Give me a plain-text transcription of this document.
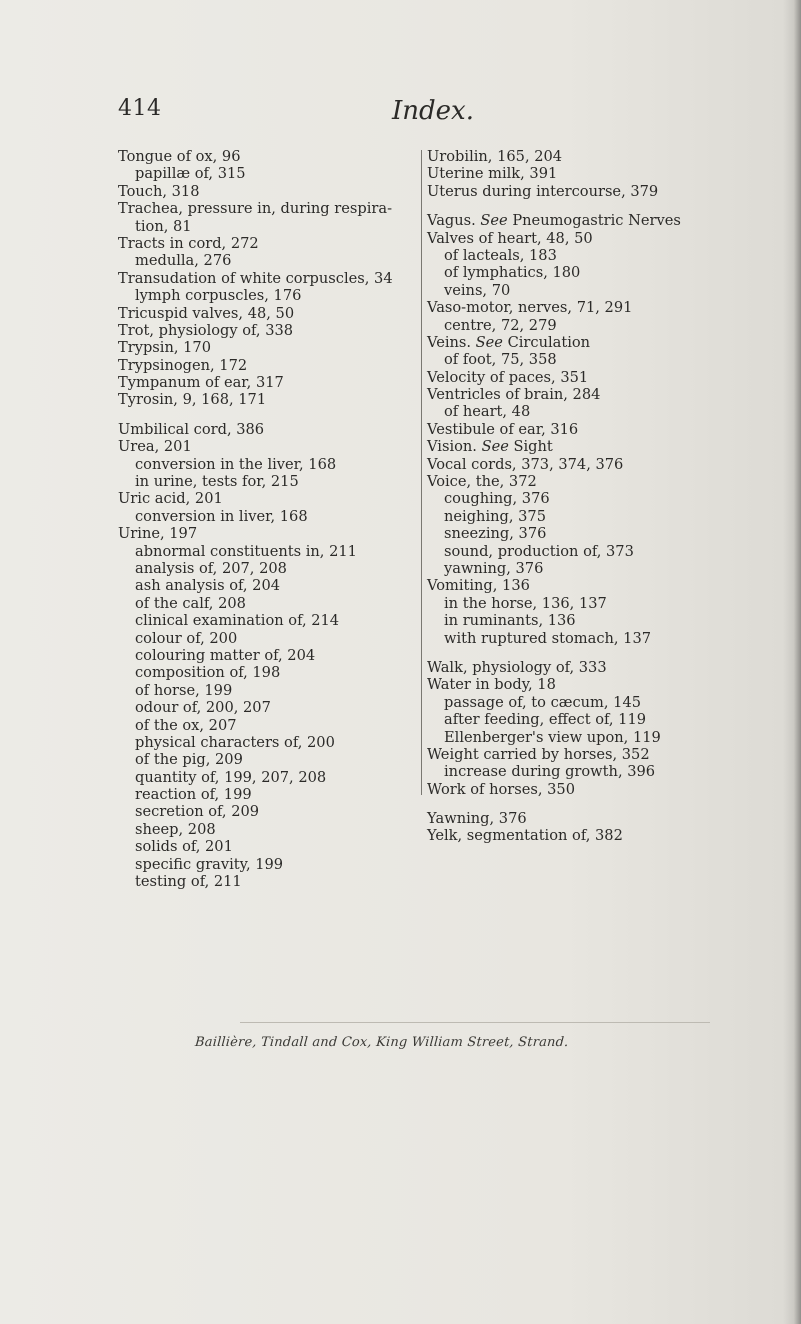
414	Index.
Tongue of ox, 96
papillæ of, 315
Touch, 318
Trachea, pressure in, during respira-
tion, 81
Tracts in cord, 272
medulla, 276
Transudation of white corpuscles, 34
lymph corpuscles, 176
Tricuspid valves, 48, 50
Trot, physiology of, 338
Trypsin, 170
Trypsinogen, 172
Tympanum of ear, 317
Tyrosin, 9, 168, 171
Umbilical cord, 386
Urea, 201
conversion in the liver, 168
in urine, tests for, 215
Uric acid, 201
conversion in liver, 168
Urine, 197
abnormal constituents in, 211
analysis of, 207, 208
ash analysis of, 204
of the calf, 208
clinical examination of, 214
colour of, 200
colouring matter of, 204
composition of, 198
of horse, 199
odour of, 200, 207
of the ox, 207
physical characters of, 200
of the pig, 209
quantity of, 199, 207, 208
reaction of, 199
secretion of, 209
sheep, 208
solids of, 201
specific gravity, 199
testing of, 211
Urobilin, 165, 204
Uterine milk, 391
Uterus during intercourse, 379
Vagus. See Pneumogastric Nerves
Valves of heart, 48, 50
of lacteals, 183
of lymphatics, 180
veins, 70
Vaso-motor, nerves, 71, 291
centre, 72, 279
Veins. See Circulation
of foot, 75, 358
Velocity of paces, 351
Ventricles of brain, 284
of heart, 48
Vestibule of ear, 316
Vision. See Sight
Vocal cords, 373, 374, 376
Voice, the, 372
coughing, 376
neighing, 375
sneezing, 376
sound, production of, 373
yawning, 376
Vomiting, 136
in the horse, 136, 137
in ruminants, 136
with ruptured stomach, 137
Walk, physiology of, 333
Water in body, 18
passage of, to cæcum, 145
after feeding, effect of, 119
Ellenberger's view upon, 119
Weight carried by horses, 352
increase during growth, 396
Work of horses, 350
Yawning, 376
Yelk, segmentation of, 382
Baillière, Tindall and Cox, King William Street, Strand.
